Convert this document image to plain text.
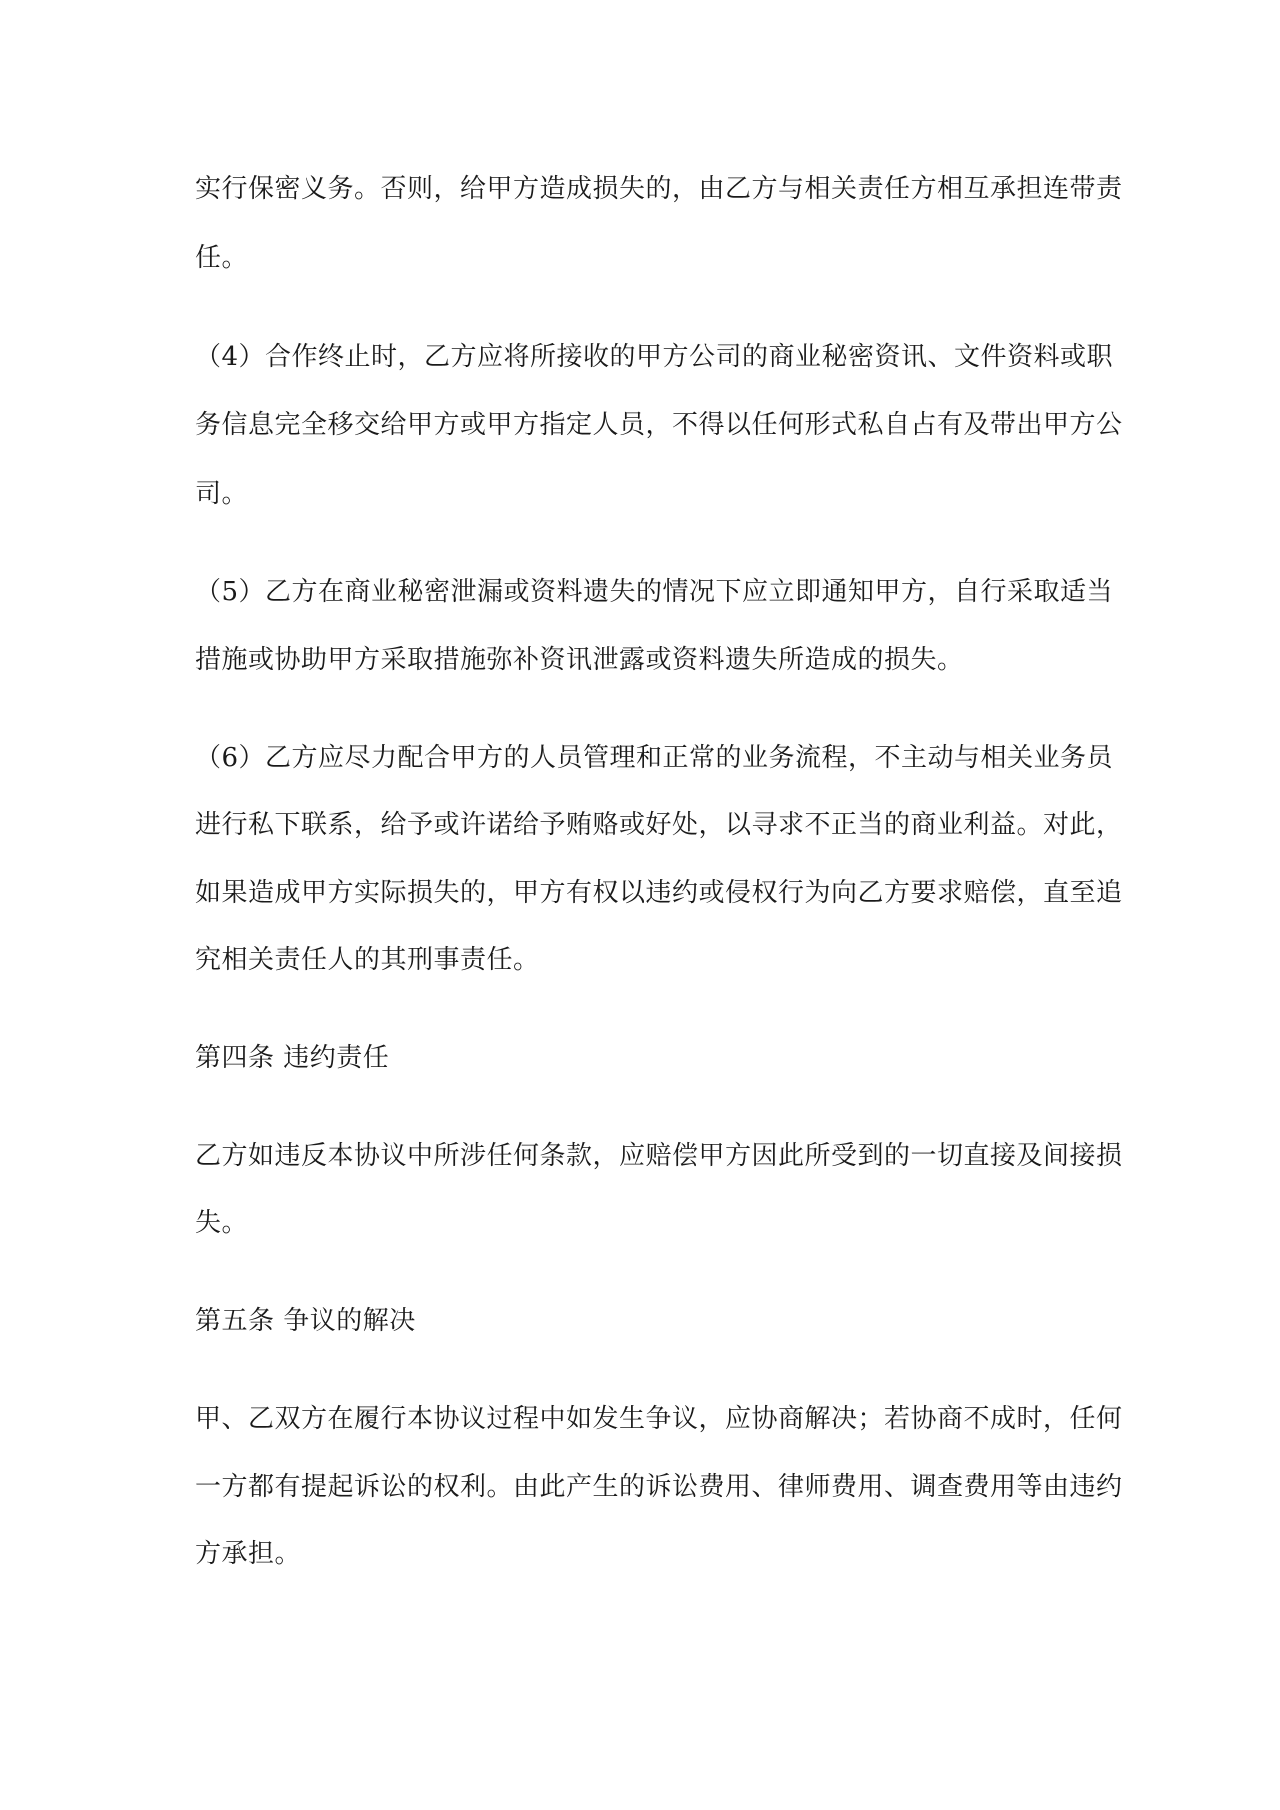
实行保密义务。否则，给甲方造成损失的，由乙方与相关责任方相互承担连带责
任。
（4）合作终止时，乙方应将所接收的甲方公司的商业秘密资讯、文件资料或职
务信息完全移交给甲方或甲方指定人员，不得以任何形式私自占有及带出甲方公
司。
（5）乙方在商业秘密泄漏或资料遗失的情况下应立即通知甲方，自行采取适当
措施或协助甲方采取措施弥补资讯泄露或资料遗失所造成的损失。
（6）乙方应尽力配合甲方的人员管理和正常的业务流程，不主动与相关业务员
进行私下联系，给予或许诺给予贿赂或好处，以寻求不正当的商业利益。对此，
如果造成甲方实际损失的，甲方有权以违约或侵权行为向乙方要求赔偿，直至追
究相关责任人的其刑事责任。
第四条 违约责任
乙方如违反本协议中所涉任何条款，应赔偿甲方因此所受到的一切直接及间接损
失。
第五条 争议的解决
甲、乙双方在履行本协议过程中如发生争议，应协商解决；若协商不成时，任何
一方都有提起诉讼的权利。由此产生的诉讼费用、律师费用、调查费用等由违约
方承担。
